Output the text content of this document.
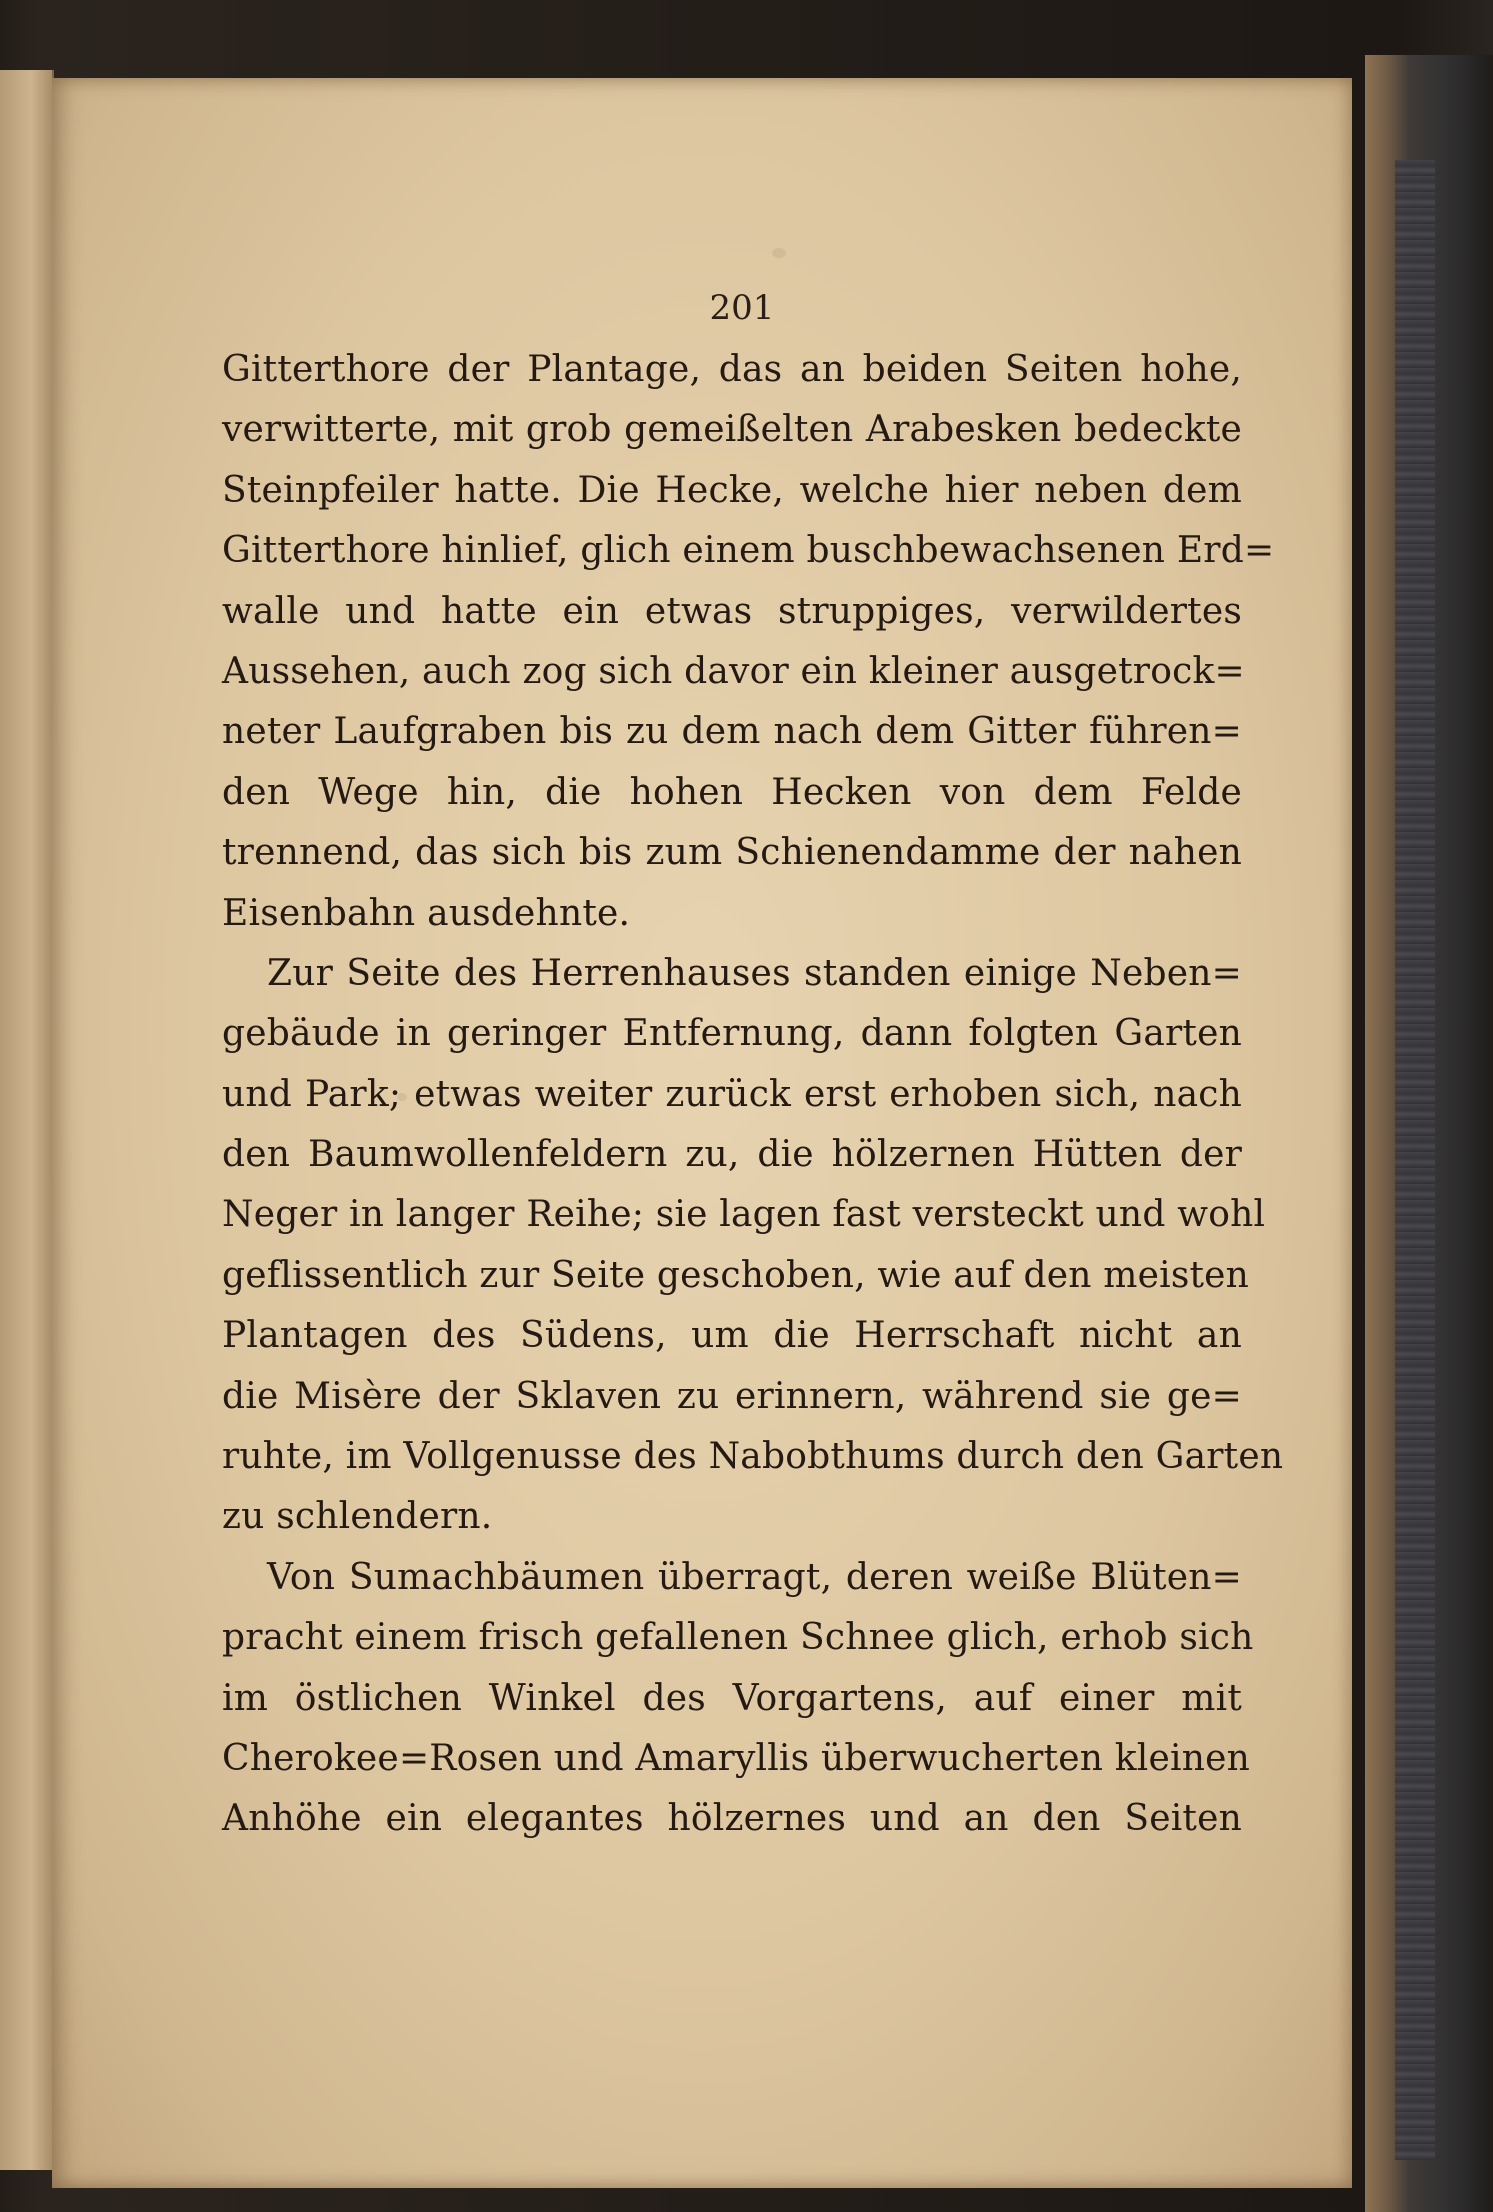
201
Gitterthore der Plantage, das an beiden Seiten hohe,
verwitterte, mit grob gemeißelten Arabesken bedeckte
Steinpfeiler hatte. Die Hecke, welche hier neben dem
Gitterthore hinlief, glich einem buschbewachsenen Erd=
walle und hatte ein etwas struppiges, verwildertes
Aussehen, auch zog sich davor ein kleiner ausgetrock=
neter Laufgraben bis zu dem nach dem Gitter führen=
den Wege hin, die hohen Hecken von dem Felde
trennend, das sich bis zum Schienendamme der nahen
Eisenbahn ausdehnte.
Zur Seite des Herrenhauses standen einige Neben=
gebäude in geringer Entfernung, dann folgten Garten
und Park; etwas weiter zurück erst erhoben sich, nach
den Baumwollenfeldern zu, die hölzernen Hütten der
Neger in langer Reihe; sie lagen fast versteckt und wohl
geflissentlich zur Seite geschoben, wie auf den meisten
Plantagen des Südens, um die Herrschaft nicht an
die Misère der Sklaven zu erinnern, während sie ge=
ruhte, im Vollgenusse des Nabobthums durch den Garten
zu schlendern.
Von Sumachbäumen überragt, deren weiße Blüten=
pracht einem frisch gefallenen Schnee glich, erhob sich
im östlichen Winkel des Vorgartens, auf einer mit
Cherokee=Rosen und Amaryllis überwucherten kleinen
Anhöhe ein elegantes hölzernes und an den Seiten
